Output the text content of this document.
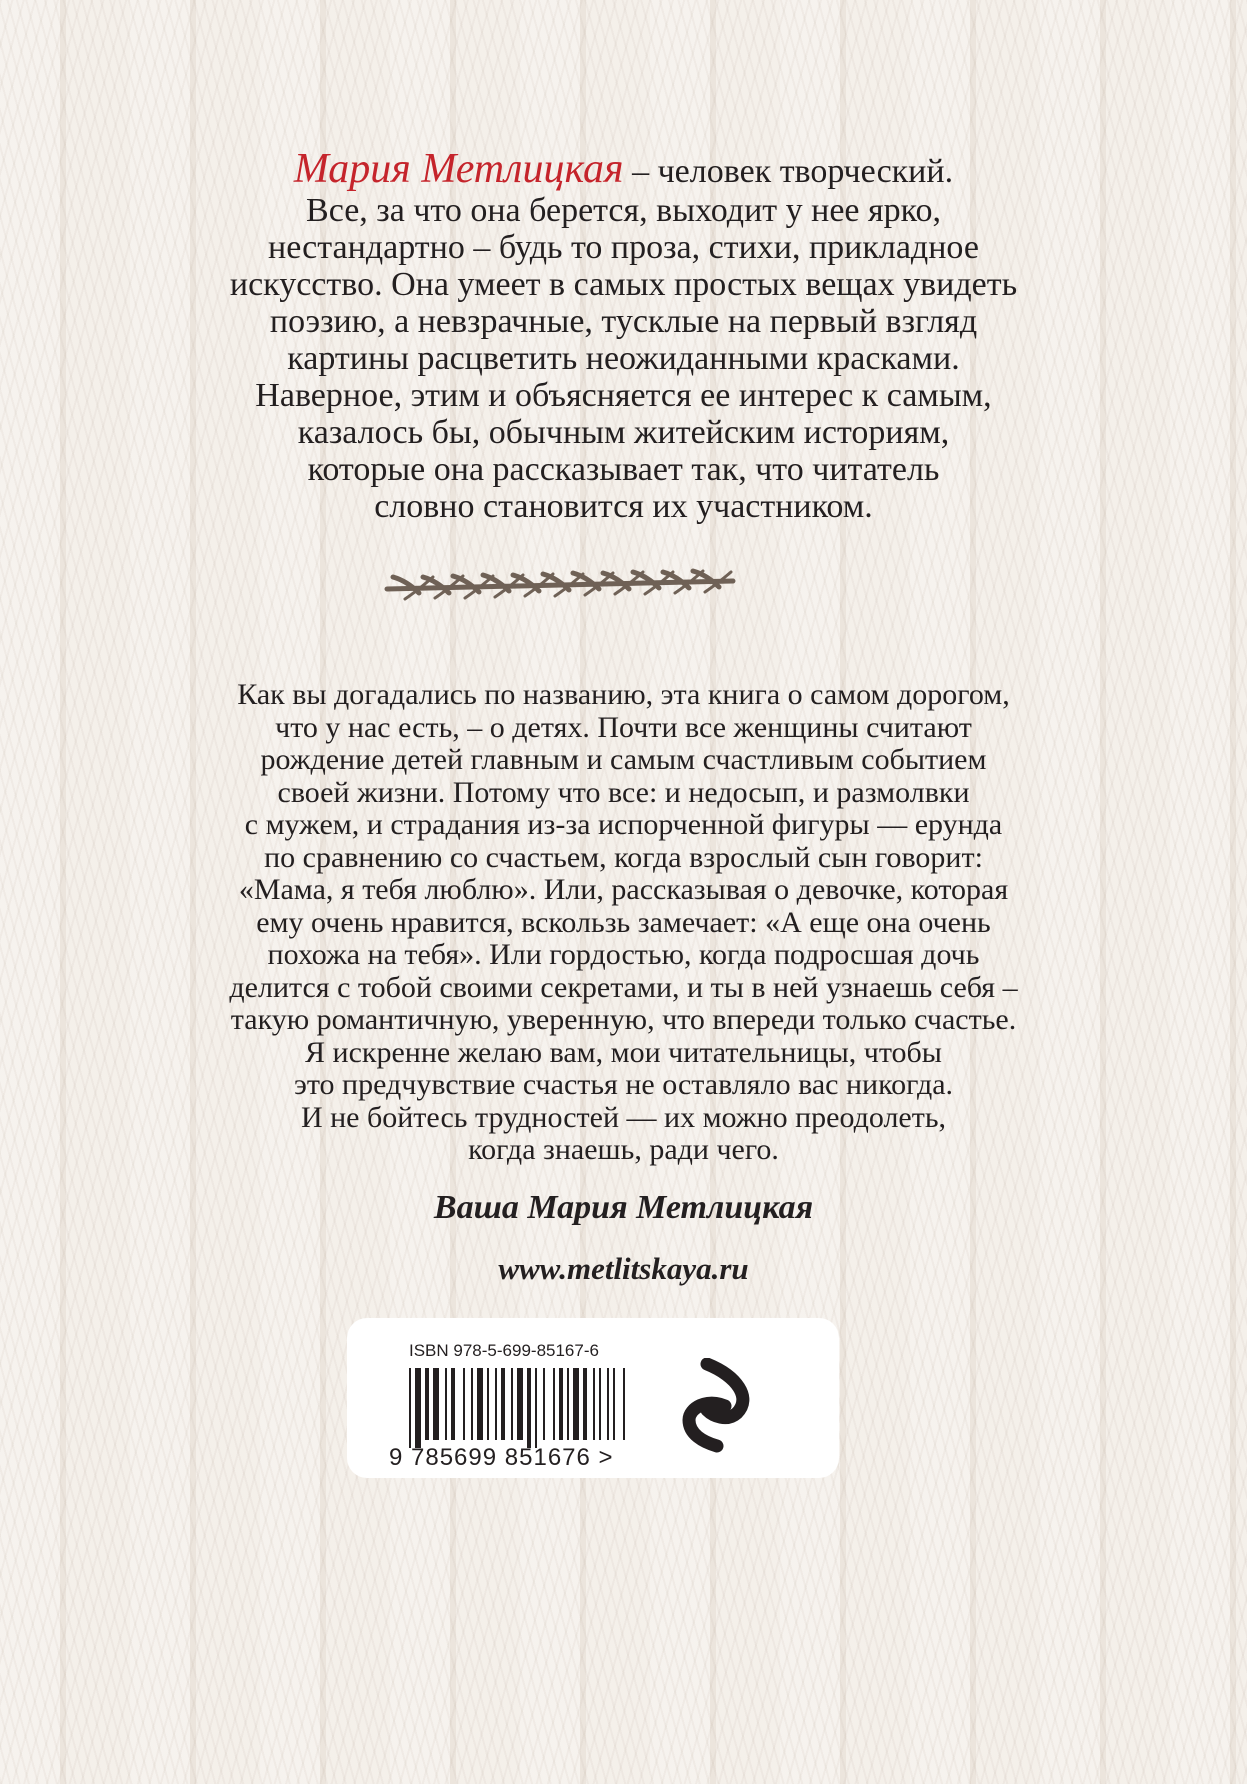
Мария Метлицкая – человек творческий.
Все, за что она берется, выходит у нее ярко,
нестандартно – будь то проза, стихи, прикладное
искусство. Она умеет в самых простых вещах увидеть
поэзию, а невзрачные, тусклые на первый взгляд
картины расцветить неожиданными красками.
Наверное, этим и объясняется ее интерес к самым,
казалось бы, обычным житейским историям,
которые она рассказывает так, что читатель
словно становится их участником.
Как вы догадались по названию, эта книга о самом дорогом,
что у нас есть, – о детях. Почти все женщины считают
рождение детей главным и самым счастливым событием
своей жизни. Потому что все: и недосып, и размолвки
с мужем, и страдания из-за испорченной фигуры — ерунда
по сравнению со счастьем, когда взрослый сын говорит:
«Мама, я тебя люблю». Или, рассказывая о девочке, которая
ему очень нравится, вскользь замечает: «А еще она очень
похожа на тебя». Или гордостью, когда подросшая дочь
делится с тобой своими секретами, и ты в ней узнаешь себя –
такую романтичную, уверенную, что впереди только счастье.
Я искренне желаю вам, мои читательницы, чтобы
это предчувствие счастья не оставляло вас никогда.
И не бойтесь трудностей — их можно преодолеть,
когда знаешь, ради чего.
Ваша Мария Метлицкая
www.metlitskaya.ru
ISBN 978-5-699-85167-6
9 785699 851676 >
